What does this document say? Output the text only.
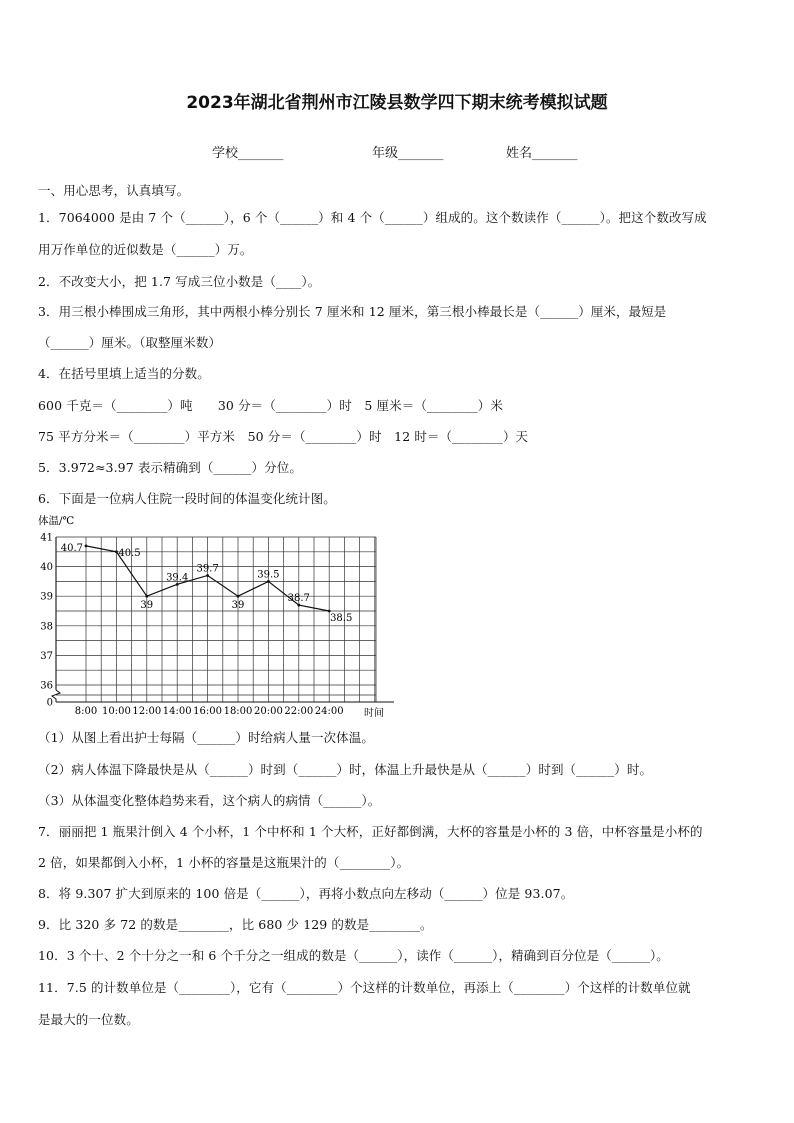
2023年湖北省荆州市江陵县数学四下期末统考模拟试题
学校_______	年级_______	姓名_______
一、用心思考，认真填写。
1．7064000 是由 7 个（______），6 个（______）和 4 个（______）组成的。这个数读作（______）。把这个数改写成
用万作单位的近似数是（______）万。
2．不改变大小，把 1.7 写成三位小数是（____）。
3．用三根小棒围成三角形，其中两根小棒分别长 7 厘米和 12 厘米，第三根小棒最长是（______）厘米，最短是
（______）厘米。（取整厘米数）
4．在括号里填上适当的分数。
600 千克＝（________）吨　　30 分＝（________）时　5 厘米＝（________）米
75 平方分米＝（________）平方米　50 分＝（________）时　12 时＝（________）天
5．3.972≈3.97 表示精确到（______）分位。
6．下面是一位病人住院一段时间的体温变化统计图。
体温/℃
41
40
39
38
37
36
0
8:00 10:00 12:00 14:00 16:00 18:00 20:00 22:00 24:00
40.7	40.5
39
39.4
39.7
39
39.5
38.7
38.5
时间
（1）从图上看出护士每隔（______）时给病人量一次体温。
（2）病人体温下降最快是从（______）时到（______）时，体温上升最快是从（______）时到（______）时。
（3）从体温变化整体趋势来看，这个病人的病情（______）。
7．丽丽把 1 瓶果汁倒入 4 个小杯，1 个中杯和 1 个大杯，正好都倒满，大杯的容量是小杯的 3 倍，中杯容量是小杯的
2 倍，如果都倒入小杯，1 小杯的容量是这瓶果汁的（________）。
8．将 9.307 扩大到原来的 100 倍是（______），再将小数点向左移动（______）位是 93.07。
9．比 320 多 72 的数是________，比 680 少 129 的数是________。
10．3 个十、2 个十分之一和 6 个千分之一组成的数是（______），读作（______），精确到百分位是（______）。
11．7.5 的计数单位是（________），它有（________）个这样的计数单位，再添上（________）个这样的计数单位就
是最大的一位数。
